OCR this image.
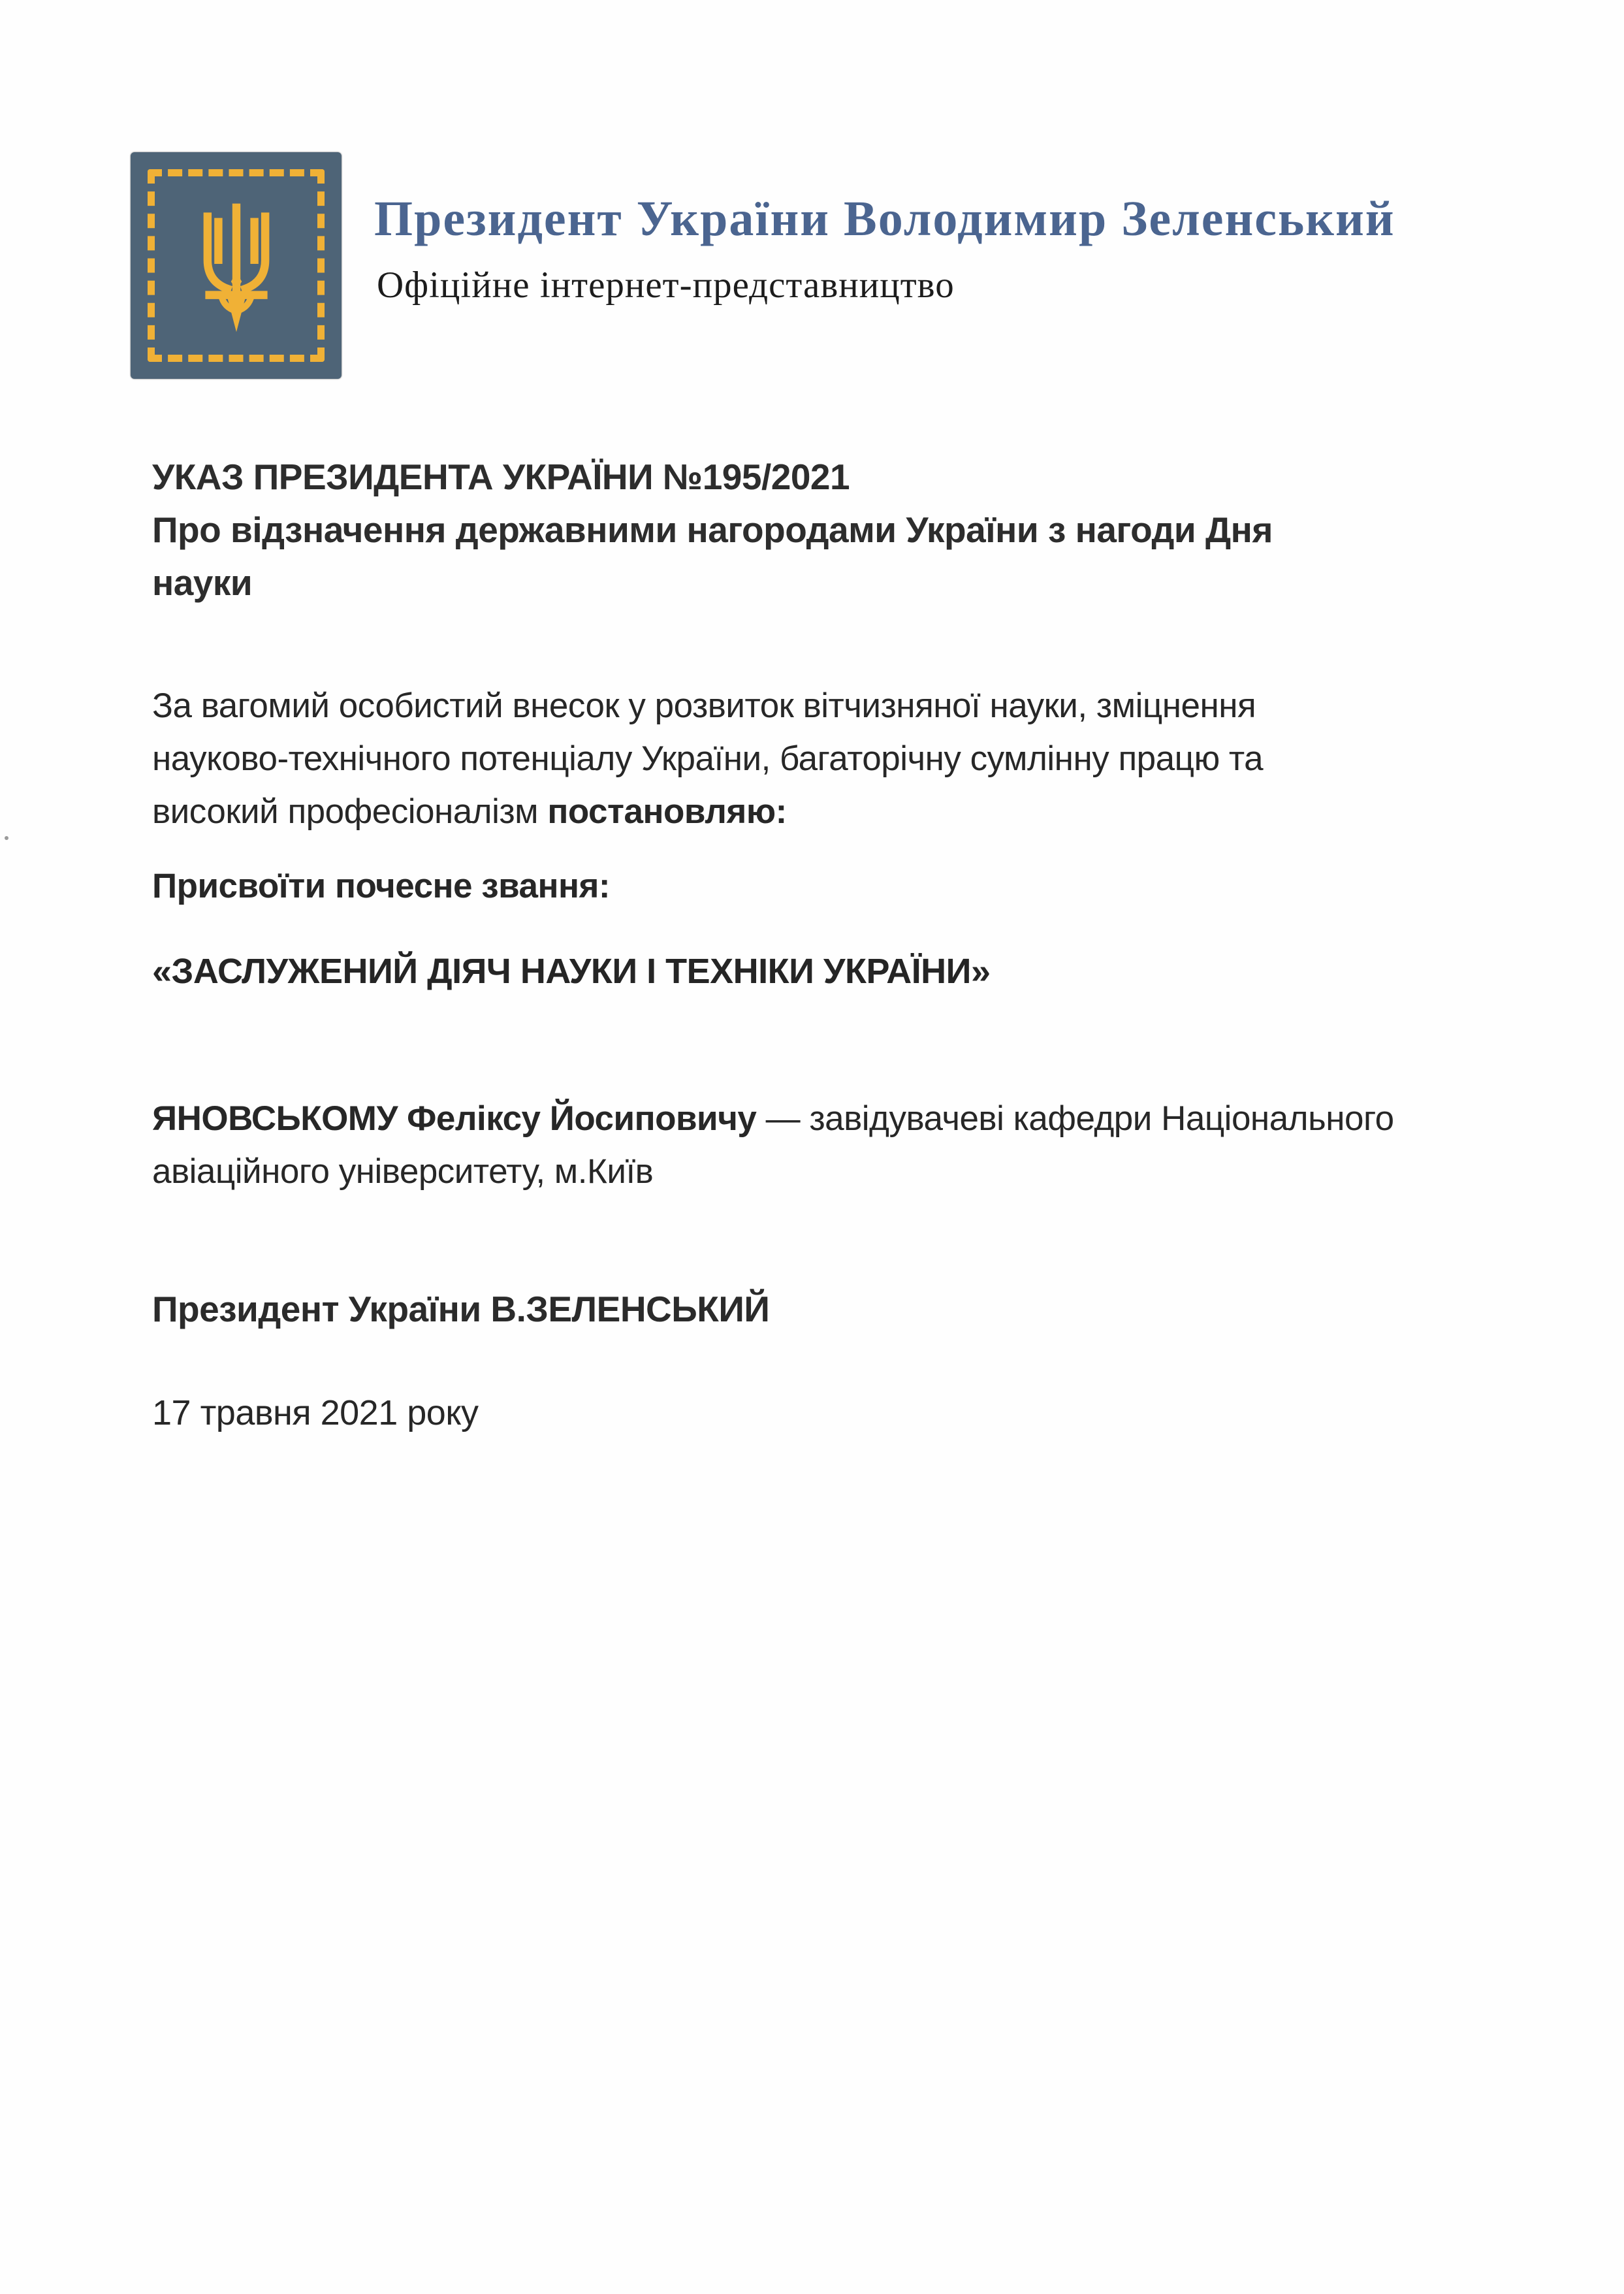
Президент України Володимир Зеленський
Офіційне інтернет-представництво
УКАЗ ПРЕЗИДЕНТА УКРАЇНИ №195/2021
Про відзначення державними нагородами України з нагоди Дня
науки
За вагомий особистий внесок у розвиток вітчизняної науки, зміцнення
науково-технічного потенціалу України, багаторічну сумлінну працю та
високий професіоналізм постановляю:
Присвоїти почесне звання:
«ЗАСЛУЖЕНИЙ ДІЯЧ НАУКИ І ТЕХНІКИ УКРАЇНИ»
ЯНОВСЬКОМУ Феліксу Йосиповичу — завідувачеві кафедри Національного
авіаційного університету, м.Київ
Президент України В.ЗЕЛЕНСЬКИЙ
17 травня 2021 року
